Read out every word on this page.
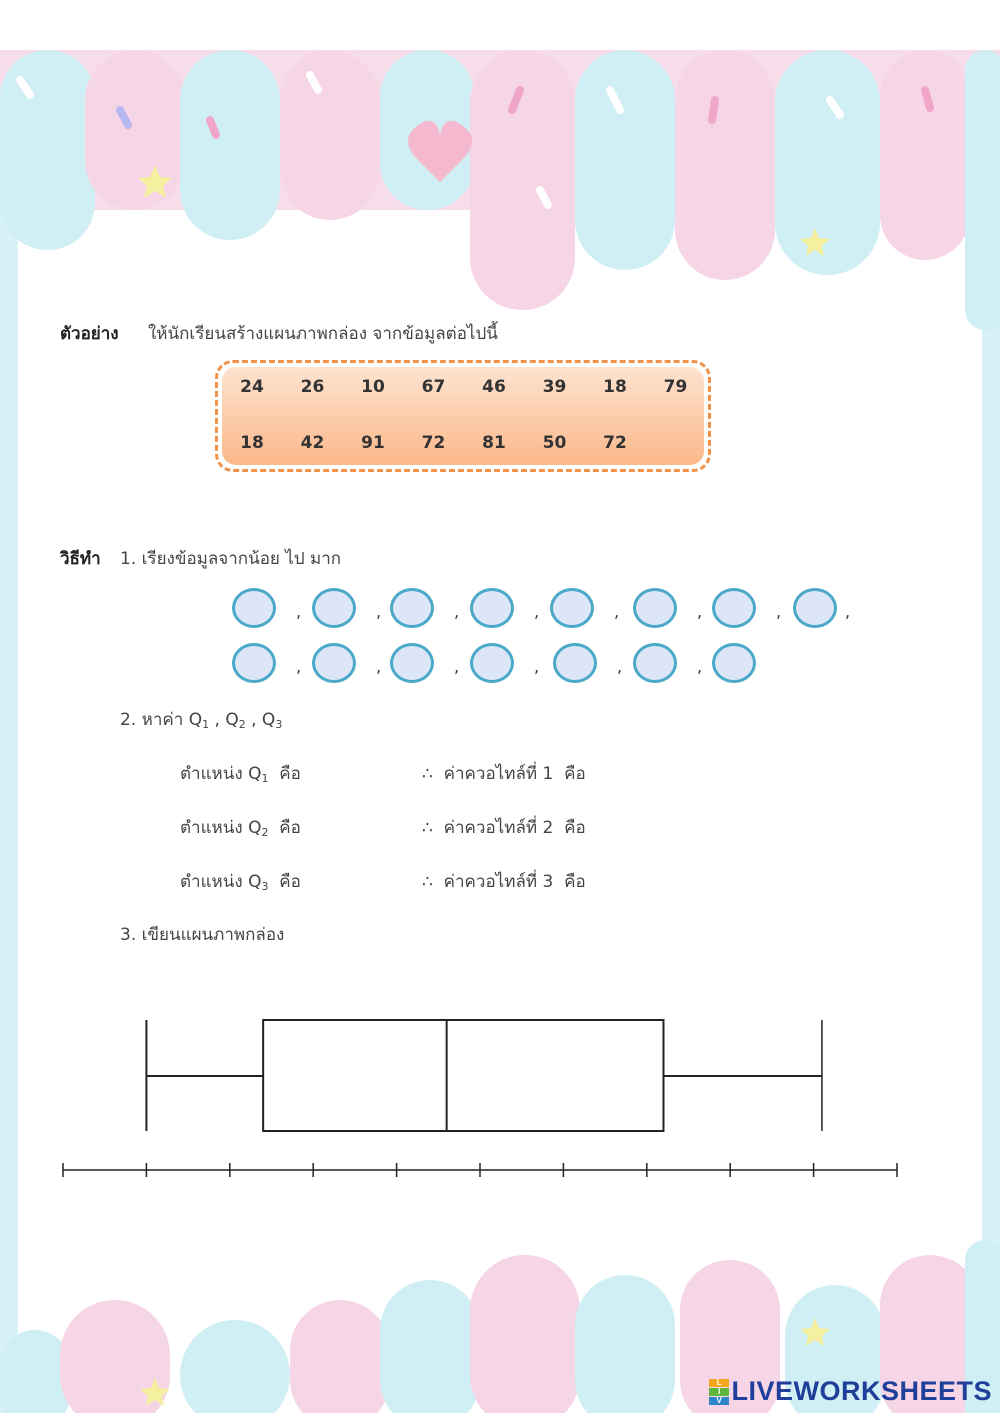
ตัวอย่าง ให้นักเรียนสร้างแผนภาพกล่อง จากข้อมูลต่อไปนี้
24	26	10	67	46	39	18	79
18	42	91	72	81	50	72
วิธีทำ 1. เรียงข้อมูลจากน้อย ไป มาก
,	,	,	,	,	,	,	,
,	,	,	,	,	,
2. หาค่า $Q_1$ , $Q_2$ , $Q_3$
ตำแหน่ง $Q_1$ คือ	∴ ค่าควอไทล์ที่ 1 คือ
ตำแหน่ง $Q_2$ คือ	∴ ค่าควอไทล์ที่ 2 คือ
ตำแหน่ง $Q_3$ คือ	∴ ค่าควอไทล์ที่ 3 คือ
3. เขียนแผนภาพกล่อง
L
I
V LIVEWORKSHEETS
